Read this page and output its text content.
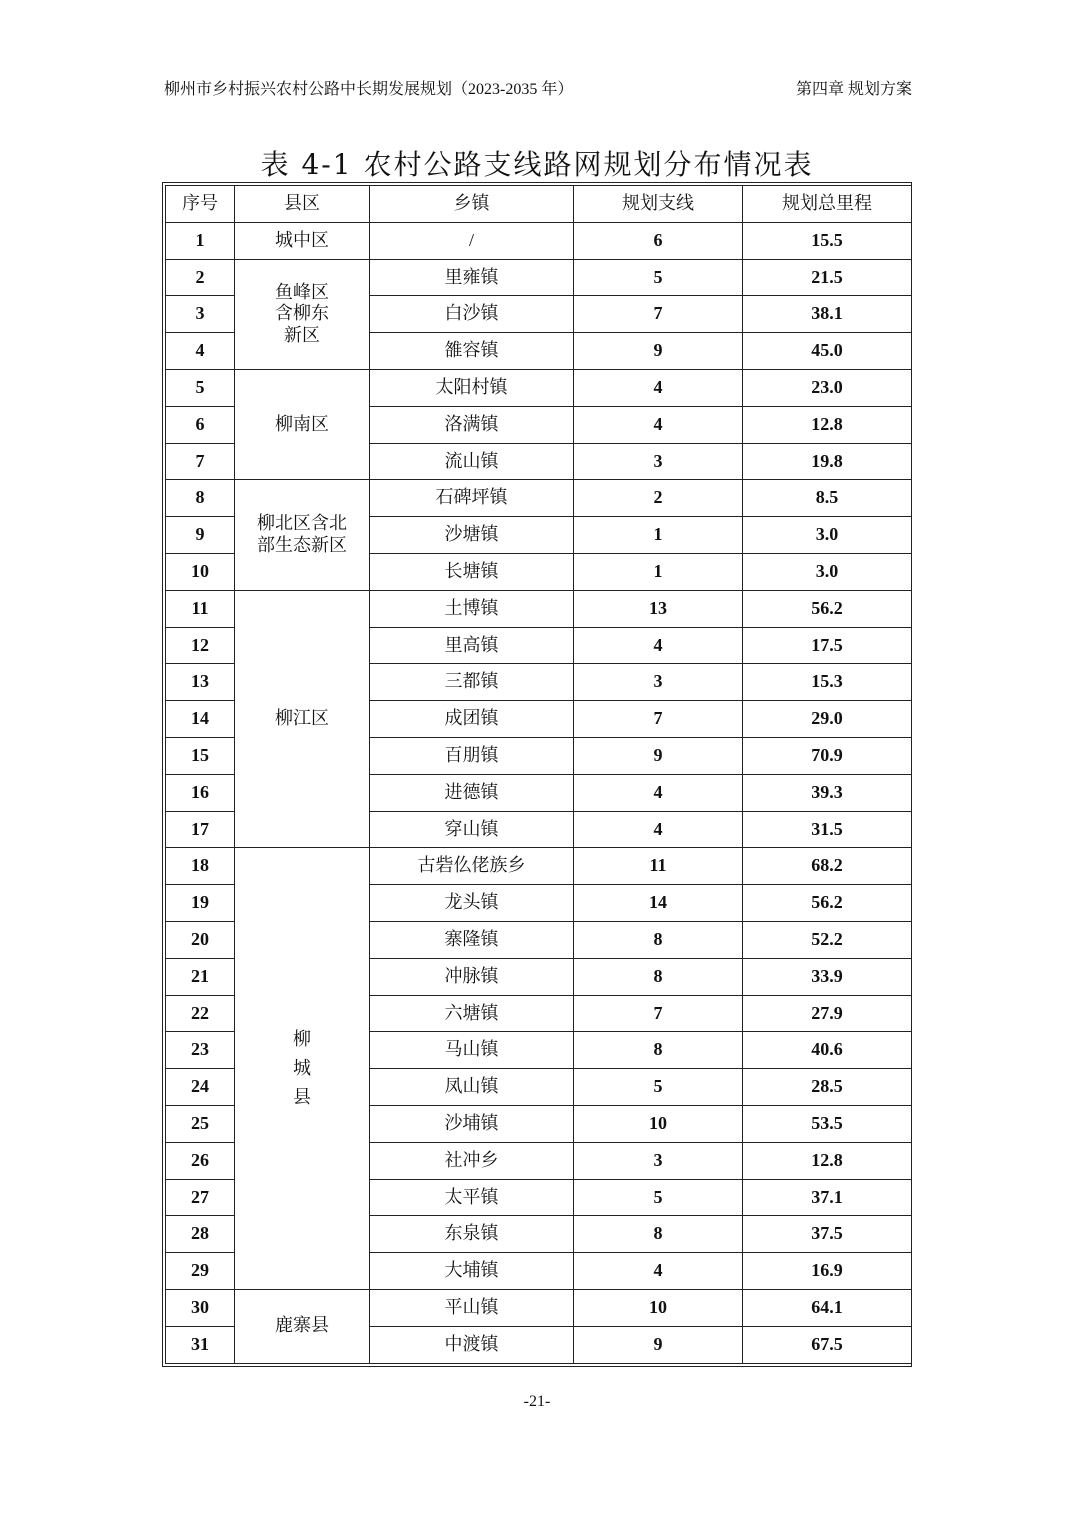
柳州市乡村振兴农村公路中长期发展规划（2023-2035 年）	第四章 规划方案
表 4-1 农村公路支线路网规划分布情况表
序号	县区	乡镇	规划支线	规划总里程
1	城中区	/	6	15.5
2	鱼峰区含柳东新区	里雍镇	5	21.5
3		白沙镇	7	38.1
4		雒容镇	9	45.0
5	柳南区	太阳村镇	4	23.0
6		洛满镇	4	12.8
7		流山镇	3	19.8
8	柳北区含北部生态新区	石碑坪镇	2	8.5
9		沙塘镇	1	3.0
10		长塘镇	1	3.0
11	柳江区	土博镇	13	56.2
12		里高镇	4	17.5
13		三都镇	3	15.3
14		成团镇	7	29.0
15		百朋镇	9	70.9
16		进德镇	4	39.3
17		穿山镇	4	31.5
18	柳城县	古砦仫佬族乡	11	68.2
19		龙头镇	14	56.2
20		寨隆镇	8	52.2
21		冲脉镇	8	33.9
22		六塘镇	7	27.9
23		马山镇	8	40.6
24		凤山镇	5	28.5
25		沙埔镇	10	53.5
26		社冲乡	3	12.8
27		太平镇	5	37.1
28		东泉镇	8	37.5
29		大埔镇	4	16.9
30	鹿寨县	平山镇	10	64.1
31		中渡镇	9	67.5
-21-
